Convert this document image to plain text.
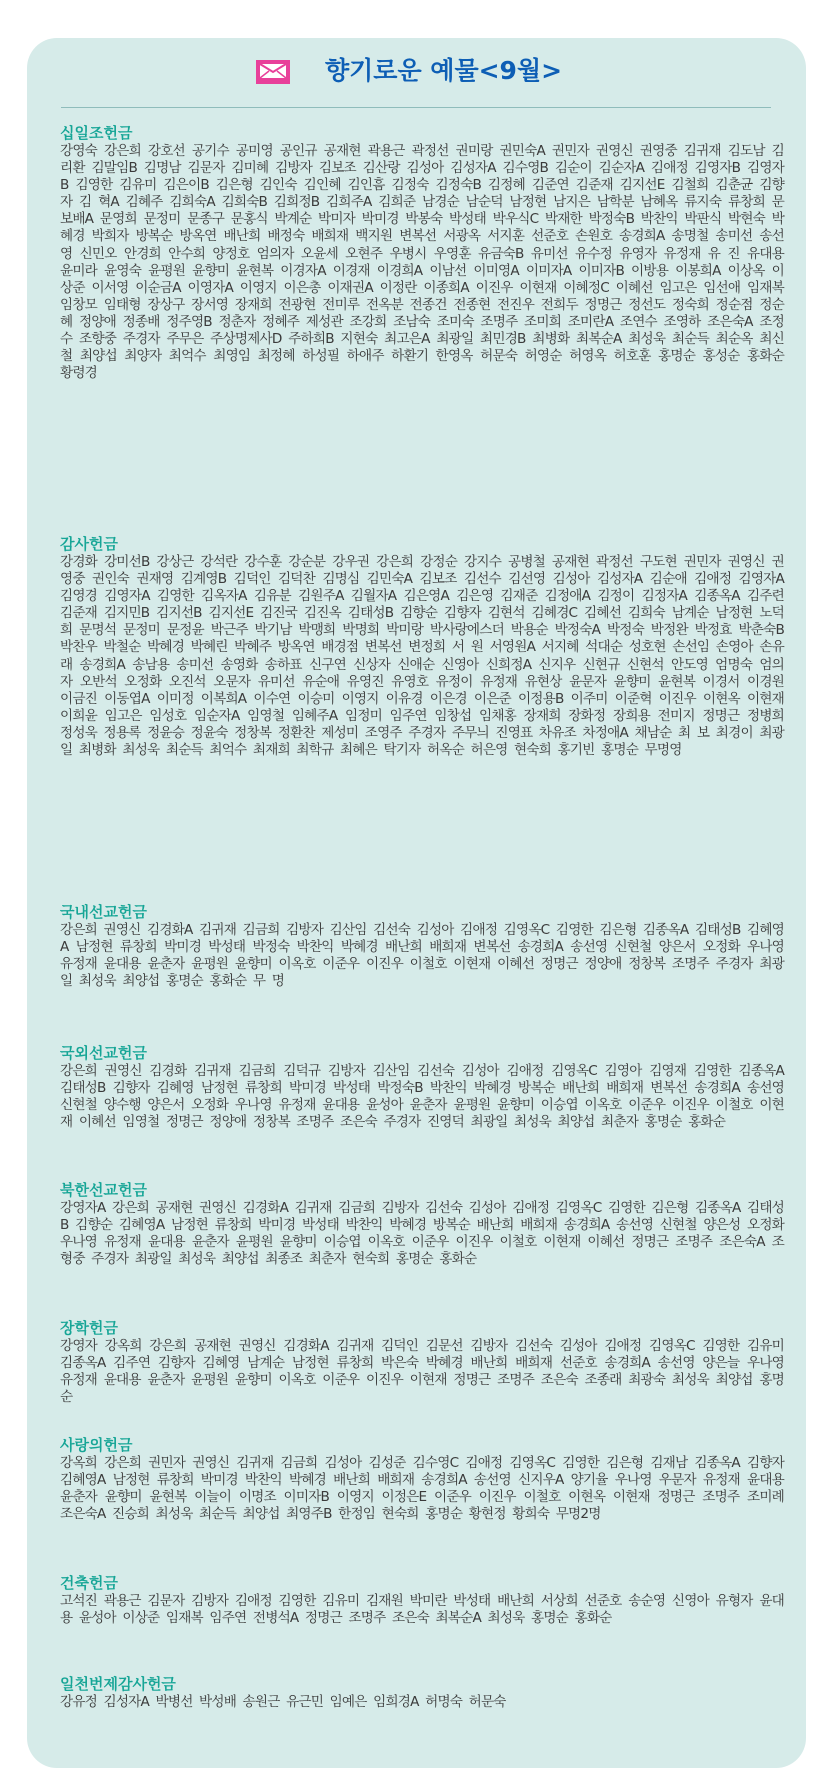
향기로운 예물<9월>
십일조헌금

강영숙 강은희 강호선 공기수 공미영 공인규 공재현 곽용근 곽정선 권미랑 권민숙A 권민자 권영신 권영중 김귀재 김도남 김리환 김말임B 김명남 김문자 김미혜 김방자 김보조 김산랑 김성아 김성자A 김수영B 김순이 김순자A 김애정 김영자B 김영자B 김영한 김유미 김은이B 김은형 김인숙 김인혜 김인흠 김정숙 김정숙B 김정혜 김준연 김준재 김지선E 김철희 김춘균 김향자 김 혁A 김혜주 김희숙A 김희숙B 김희정B 김희주A 김희준 남경순 남순덕 남정현 남지은 남학분 남혜옥 류지숙 류창희 문보배A 문영희 문정미 문종구 문홍식 박계순 박미자 박미경 박봉숙 박성태 박우식C 박재한 박정숙B 박찬익 박판식 박현숙 박혜경 박희자 방복순 방옥연 배난희 배정숙 배희재 백지원 변복선 서광옥 서지훈 선준호 손원호 송경희A 송명철 송미선 송선영 신민오 안경희 안수희 양정호 엄의자 오윤세 오현주 우병시 우영훈 유금숙B 유미선 유수정 유영자 유정재 유 진 유대용 윤미라 윤영숙 윤평원 윤향미 윤현복 이경자A 이경재 이경희A 이남선 이미영A 이미자A 이미자B 이방용 이봉희A 이상옥 이상준 이서영 이순금A 이영자A 이영지 이은총 이재권A 이정란 이종희A 이진우 이현재 이혜정C 이혜선 임고은 임선애 임재복 임창모 임태형 장상구 장서영 장재희 전광현 전미루 전옥분 전종건 전종현 전진우 전희두 정명근 정선도 정숙희 정순점 정순혜 정양애 정종배 정주영B 정춘자 정혜주 제성관 조강희 조남숙 조미숙 조명주 조미희 조미란A 조연수 조영하 조은숙A 조정수 조향중 주경자 주무은 주상명제사D 주하희B 지현숙 최고은A 최광일 최민경B 최병화 최복순A 최성욱 최순득 최순옥 최신철 최양섭 최양자 최억수 최영임 최정혜 하성필 하애주 하환기 한영옥 허문숙 허영순 허영옥 허호훈 홍명순 홍성순 홍화순 황령경

감사헌금

강경화 강미선B 강상근 강석란 강수훈 강순분 강우권 강은희 강정순 강지수 공병철 공재현 곽정선 구도현 권민자 권영신 권영중 권인숙 권재영 김계영B 김덕인 김덕찬 김명심 김민숙A 김보조 김선수 김선영 김성아 김성자A 김순애 김애정 김영자A 김영경 김영자A 김영한 김옥자A 김유분 김원주A 김월자A 김은영A 김은영 김재준 김정애A 김정이 김정자A 김종옥A 김주련 김준재 김지민B 김지선B 김지선E 김진국 김진옥 김태성B 김향순 김향자 김현석 김혜경C 김혜선 김희숙 남계순 남정현 노덕희 문명석 문정미 문정윤 박근주 박기남 박맹희 박명희 박미랑 박사랑에스더 박용순 박정숙A 박정숙 박정완 박정효 박춘숙B 박찬우 박철순 박혜경 박혜린 박혜주 방옥연 배경점 변복선 변정희 서 원 서영원A 서지혜 석대순 성호현 손선임 손영아 손유래 송경희A 송남용 송미선 송영화 송하표 신구연 신상자 신애순 신영아 신희정A 신지우 신현규 신현석 안도영 엄명숙 엄의자 오반석 오정화 오진석 오문자 유미선 유순애 유영진 유영호 유정이 유정재 유현상 윤문자 윤향미 윤현복 이경서 이경원 이금진 이동엽A 이미정 이복희A 이수연 이승미 이영지 이유경 이은경 이은준 이정용B 이주미 이준혁 이진우 이현옥 이현재 이희윤 임고은 임성호 임순자A 임영철 임혜주A 임정미 임주연 임창섭 임채홍 장재희 장화정 장희용 전미지 정명근 정병희 정성욱 정용록 정윤승 정윤숙 정창복 정환찬 제성미 조영주 주경자 주무늬 진영표 차유조 차정애A 채남순 최 보 최경이 최광일 최병화 최성욱 최순득 최억수 최재희 최학규 최혜은 탁기자 허옥순 허은영 현숙희 홍기빈 홍명순 무명영

국내선교헌금

강은희 권영신 김경화A 김귀재 김금희 김방자 김산임 김선숙 김성아 김애정 김영옥C 김영한 김은형 김종옥A 김태성B 김혜영A 남정현 류창희 박미경 박성태 박정숙 박찬익 박혜경 배난희 배희재 변복선 송경희A 송선영 신현철 양은서 오정화 우나영 유정재 윤대용 윤춘자 윤평원 윤향미 이옥호 이준우 이진우 이철호 이현재 이혜선 정명근 정양애 정창복 조명주 주경자 최광일 최성욱 최양섭 홍명순 홍화순 무 명

국외선교헌금

강은희 권영신 김경화 김귀재 김금희 김덕규 김방자 김산임 김선숙 김성아 김애정 김영옥C 김영아 김영재 김영한 김종옥A 김태성B 김향자 김혜영 남정현 류창희 박미경 박성태 박정숙B 박찬익 박혜경 방복순 배난희 배희재 변복선 송경희A 송선영 신현철 양수행 양은서 오정화 우나영 유정재 윤대용 윤성아 윤춘자 윤평원 윤향미 이승엽 이옥호 이준우 이진우 이철호 이현재 이혜선 임영철 정명근 정양애 정창복 조명주 조은숙 주경자 진영덕 최광일 최성욱 최양섭 최춘자 홍명순 홍화순

북한선교헌금

강영자A 강은희 공재현 권영신 김경화A 김귀재 김금희 김방자 김선숙 김성아 김애정 김영옥C 김영한 김은형 김종옥A 김태성B 김향순 김혜영A 남정현 류창희 박미경 박성태 박찬익 박혜경 방복순 배난희 배희재 송경희A 송선영 신현철 양은성 오정화 우나영 유정재 윤대용 윤춘자 윤평원 윤향미 이승엽 이옥호 이준우 이진우 이철호 이현재 이혜선 정명근 조명주 조은숙A 조형중 주경자 최광일 최성욱 최양섭 최종조 최춘자 현숙희 홍명순 홍화순

장학헌금

강영자 강옥희 강은희 공재현 권영신 김경화A 김귀재 김덕인 김문선 김방자 김선숙 김성아 김애정 김영옥C 김영한 김유미 김종옥A 김주연 김향자 김혜영 남계순 남정현 류창희 박은숙 박혜경 배난희 배희재 선준호 송경희A 송선영 양은늘 우나영 유정재 윤대용 윤춘자 윤평원 윤향미 이옥호 이준우 이진우 이현재 정명근 조명주 조은숙 조종래 최광숙 최성욱 최양섭 홍명순

사랑의헌금

강옥희 강은희 권민자 권영신 김귀재 김금희 김성아 김성준 김수영C 김애정 김영옥C 김영한 김은형 김재남 김종옥A 김향자 김혜영A 남정현 류창희 박미경 박찬익 박혜경 배난희 배희재 송경희A 송선영 신지우A 양기율 우나영 우문자 유정재 윤대용 윤춘자 윤향미 윤현복 이늘이 이명조 이미자B 이영지 이정은E 이준우 이진우 이철호 이현옥 이현재 정명근 조명주 조미례 조은숙A 진승희 최성욱 최순득 최양섭 최영주B 한정임 현숙희 홍명순 황현정 황희숙 무명2명

건축헌금

고석진 곽용근 김문자 김방자 김애정 김영한 김유미 김재원 박미란 박성태 배난희 서상희 선준호 송순영 신영아 유형자 윤대용 윤성아 이상준 임재복 임주연 전병석A 정명근 조명주 조은숙 최복순A 최성욱 홍명순 홍화순

일천번제감사헌금

강유정 김성자A 박병선 박성배 송원근 유근민 임예은 임희경A 허명숙 허문숙
